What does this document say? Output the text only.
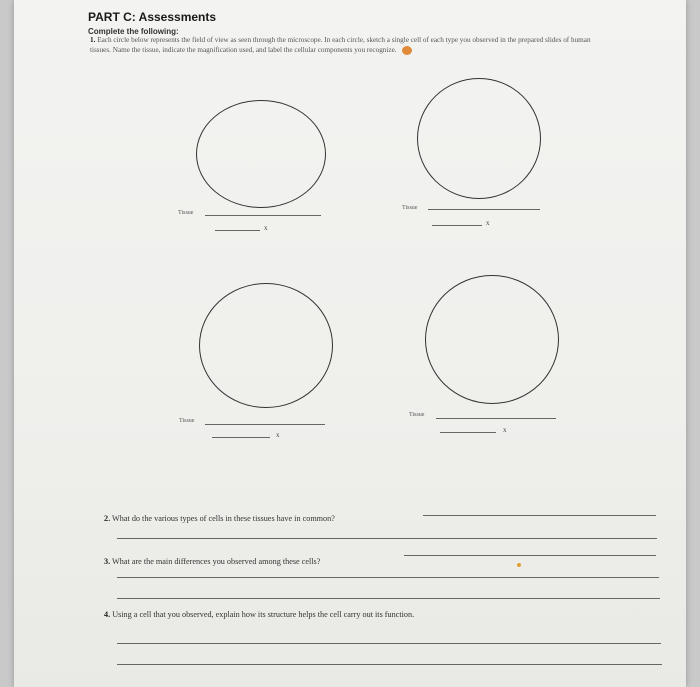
PART C: Assessments
Complete the following:
1. Each circle below represents the field of view as seen through the microscope. In each circle, sketch a single cell of each type you observed in the prepared slides of human tissues. Name the tissue, indicate the magnification used, and label the cellular components you recognize.
Tissue
x
Tissue
x
Tissue
x
Tissue
x
2. What do the various types of cells in these tissues have in common?
3. What are the main differences you observed among these cells?
4. Using a cell that you observed, explain how its structure helps the cell carry out its function.
